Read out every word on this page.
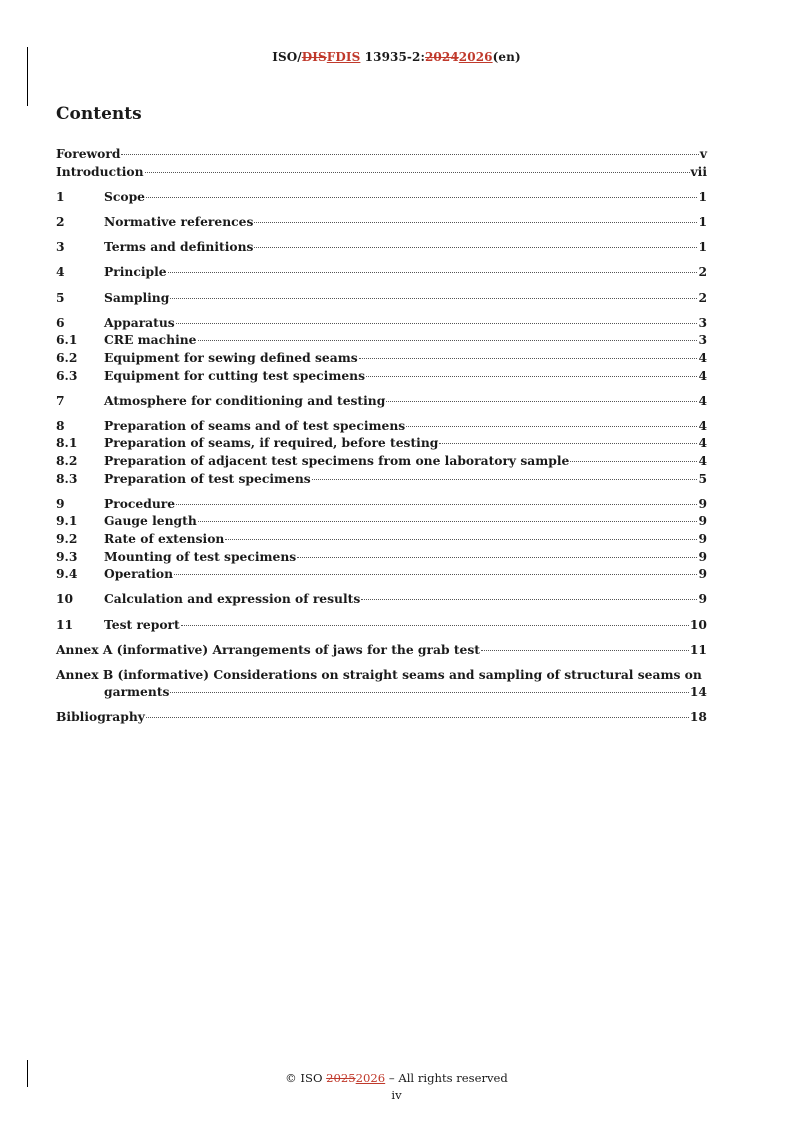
ISO/DISFDIS 13935-2:20242026(en)
Contents
Foreword	v
Introduction	vii
1	Scope	1
2	Normative references	1
3	Terms and definitions	1
4	Principle	2
5	Sampling	2
6	Apparatus	3
6.1	CRE machine	3
6.2	Equipment for sewing defined seams	4
6.3	Equipment for cutting test specimens	4
7	Atmosphere for conditioning and testing	4
8	Preparation of seams and of test specimens	4
8.1	Preparation of seams, if required, before testing	4
8.2	Preparation of adjacent test specimens from one laboratory sample	4
8.3	Preparation of test specimens	5
9	Procedure	9
9.1	Gauge length	9
9.2	Rate of extension	9
9.3	Mounting of test specimens	9
9.4	Operation	9
10	Calculation and expression of results	9
11	Test report	10
Annex A (informative) Arrangements of jaws for the grab test	11
Annex B (informative) Considerations on straight seams and sampling of structural seams on
garments	14
Bibliography	18
© ISO 20252026 – All rights reserved
iv
